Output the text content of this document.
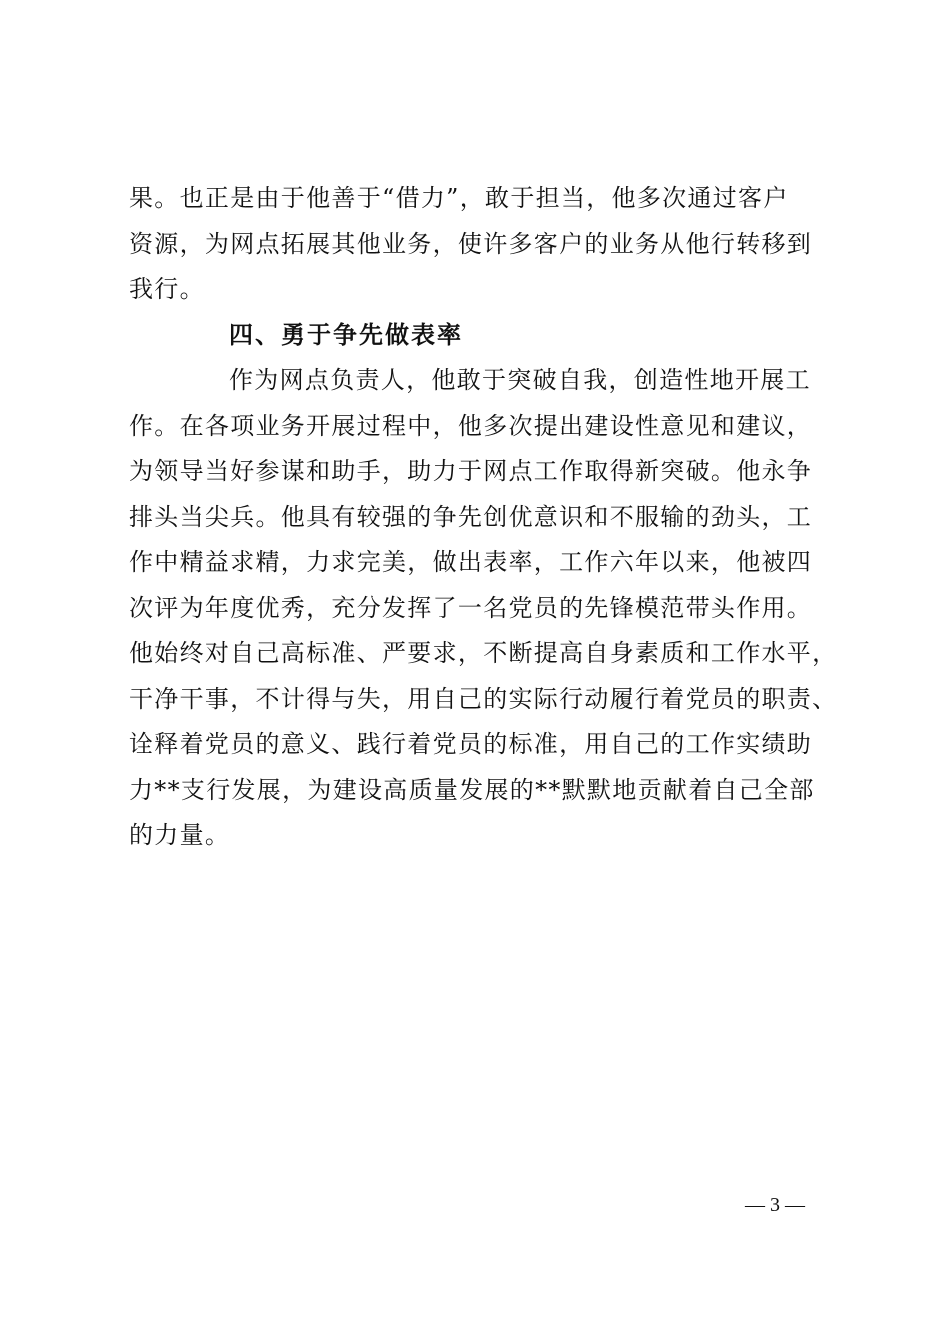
果。也正是由于他善于“借力”，敢于担当，他多次通过客户
资源，为网点拓展其他业务，使许多客户的业务从他行转移到
我行。
四、勇于争先做表率
作为网点负责人，他敢于突破自我，创造性地开展工
作。在各项业务开展过程中，他多次提出建设性意见和建议，
为领导当好参谋和助手，助力于网点工作取得新突破。他永争
排头当尖兵。他具有较强的争先创优意识和不服输的劲头，工
作中精益求精，力求完美，做出表率，工作六年以来，他被四
次评为年度优秀，充分发挥了一名党员的先锋模范带头作用。
他始终对自己高标准、严要求，不断提高自身素质和工作水平，
干净干事，不计得与失，用自己的实际行动履行着党员的职责、
诠释着党员的意义、践行着党员的标准，用自己的工作实绩助
力**支行发展，为建设高质量发展的**默默地贡献着自己全部
的力量。
— 3 —
